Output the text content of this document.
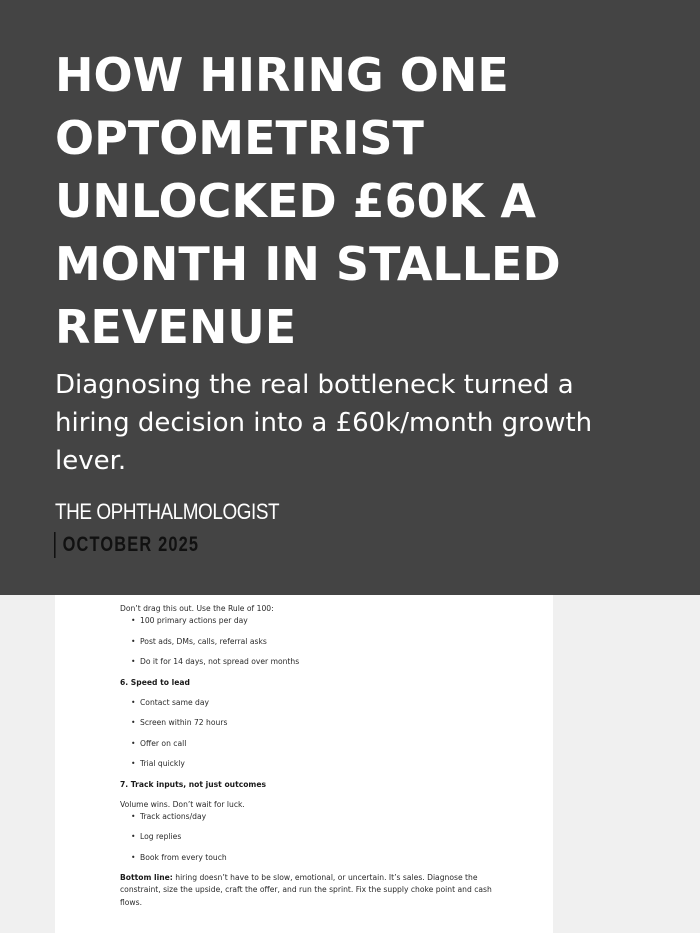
HOW HIRING ONE OPTOMETRIST UNLOCKED £60K A MONTH IN STALLED REVENUE

Diagnosing the real bottleneck turned a hiring decision into a £60k/month growth lever.

THE OPHTHALMOLOGIST
OCTOBER 2025

Don’t drag this out. Use the Rule of 100:

• 100 primary actions per day
• Post ads, DMs, calls, referral asks
• Do it for 14 days, not spread over months
6. Speed to lead
• Contact same day
• Screen within 72 hours
• Offer on call
• Trial quickly
7. Track inputs, not just outcomes

Volume wins. Don’t wait for luck.

• Track actions/day
• Log replies
• Book from every touch

Bottom line: hiring doesn’t have to be slow, emotional, or uncertain. It’s sales. Diagnose the constraint, size the upside, craft the offer, and run the sprint. Fix the supply choke point and cash flows.
